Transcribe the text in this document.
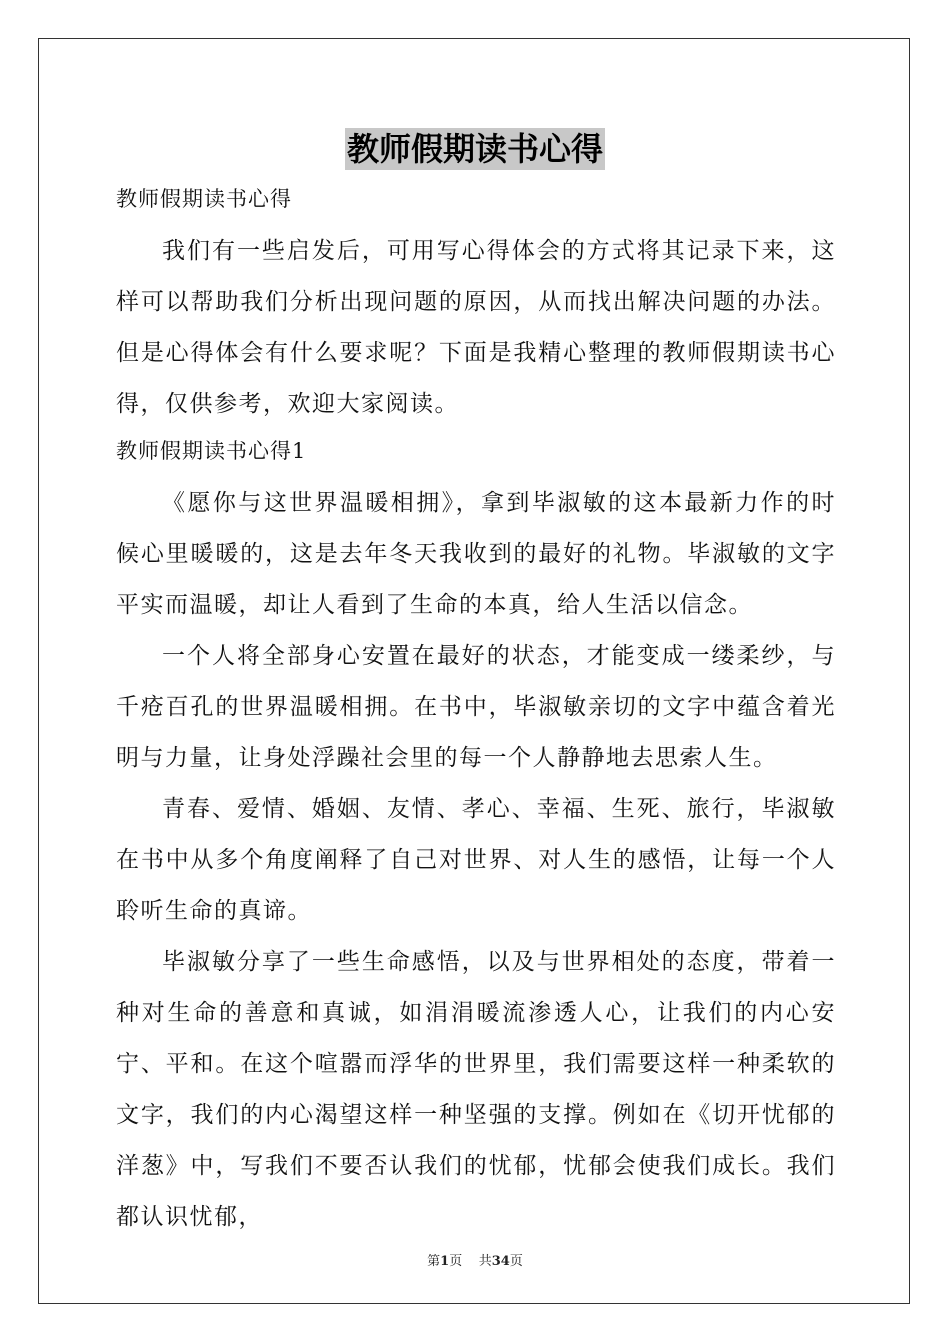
教师假期读书心得

教师假期读书心得

我们有一些启发后，可用写心得体会的方式将其记录下来，这样可以帮助我们分析出现问题的原因，从而找出解决问题的办法。但是心得体会有什么要求呢？下面是我精心整理的教师假期读书心得，仅供参考，欢迎大家阅读。

教师假期读书心得1

《愿你与这世界温暖相拥》，拿到毕淑敏的这本最新力作的时候心里暖暖的，这是去年冬天我收到的最好的礼物。毕淑敏的文字平实而温暖，却让人看到了生命的本真，给人生活以信念。

一个人将全部身心安置在最好的状态，才能变成一缕柔纱，与千疮百孔的世界温暖相拥。在书中，毕淑敏亲切的文字中蕴含着光明与力量，让身处浮躁社会里的每一个人静静地去思索人生。

青春、爱情、婚姻、友情、孝心、幸福、生死、旅行，毕淑敏在书中从多个角度阐释了自己对世界、对人生的感悟，让每一个人聆听生命的真谛。

毕淑敏分享了一些生命感悟，以及与世界相处的态度，带着一种对生命的善意和真诚，如涓涓暖流渗透人心，让我们的内心安宁、平和。在这个喧嚣而浮华的世界里，我们需要这样一种柔软的文字，我们的内心渴望这样一种坚强的支撑。例如在《切开忧郁的洋葱》中，写我们不要否认我们的忧郁，忧郁会使我们成长。我们都认识忧郁，

第1页 共34页
